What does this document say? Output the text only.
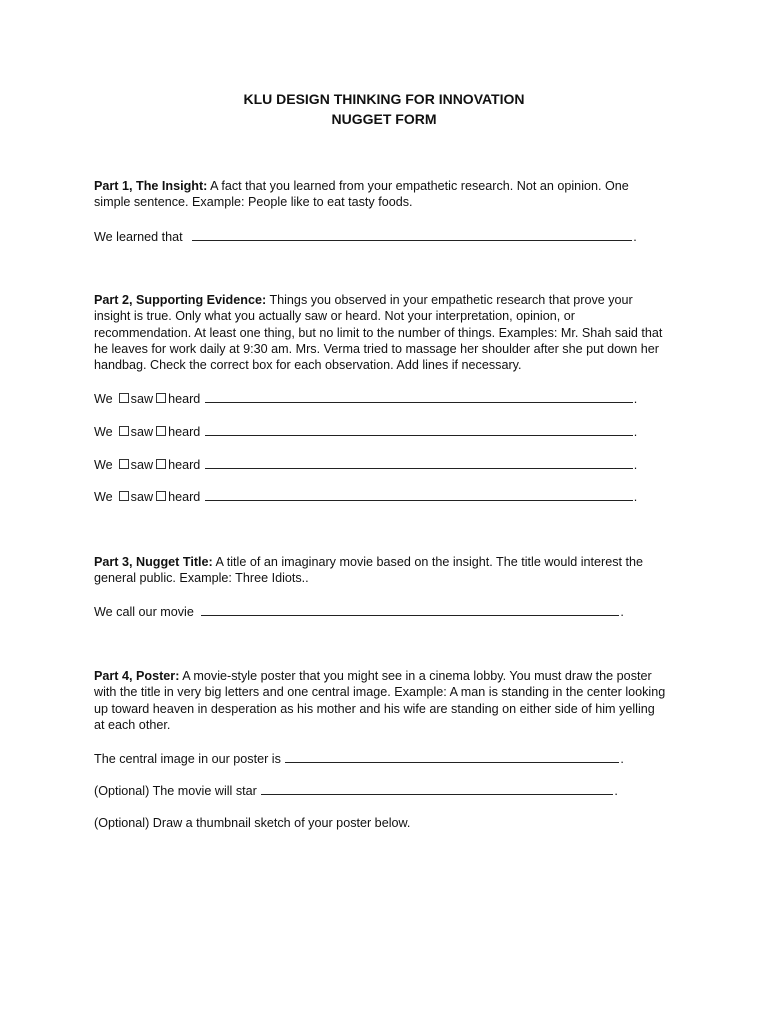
KLU DESIGN THINKING FOR INNOVATION
NUGGET FORM
Part 1, The Insight: A fact that you learned from your empathetic research. Not an opinion. One simple sentence. Example: People like to eat tasty foods.
We learned that	.
Part 2, Supporting Evidence: Things you observed in your empathetic research that prove your insight is true. Only what you actually saw or heard. Not your interpretation, opinion, or recommendation. At least one thing, but no limit to the number of things. Examples: Mr. Shah said that he leaves for work daily at 9:30 am. Mrs. Verma tried to massage her shoulder after she put down her handbag. Check the correct box for each observation. Add lines if necessary.
We saw heard	.
We saw heard	.
We saw heard	.
We saw heard	.
Part 3, Nugget Title: A title of an imaginary movie based on the insight. The title would interest the general public. Example: Three Idiots..
We call our movie	.
Part 4, Poster: A movie-style poster that you might see in a cinema lobby. You must draw the poster with the title in very big letters and one central image. Example: A man is standing in the center looking up toward heaven in desperation as his mother and his wife are standing on either side of him yelling at each other.
The central image in our poster is	.
(Optional) The movie will star	.
(Optional) Draw a thumbnail sketch of your poster below.
